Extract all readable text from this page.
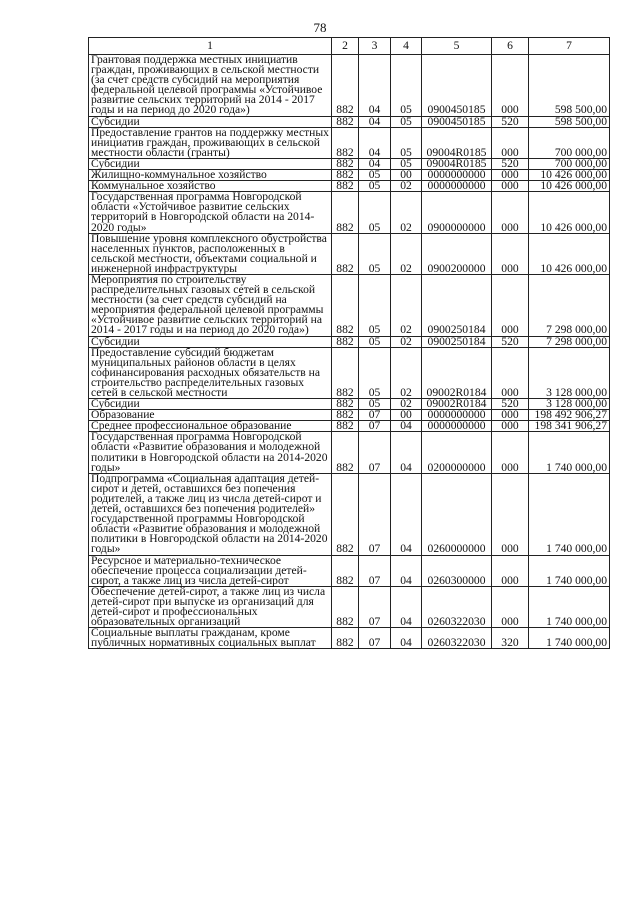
78
1	2	3	4	5	6	7
Грантовая поддержка местных инициатив граждан, проживающих в сельской местности (за счет средств субсидий на мероприятия федеральной целевой программы «Устойчивое развитие сельских территорий на 2014 - 2017 годы и на период до 2020 года»)	882	04	05	0900450185	000	598 500,00
Субсидии	882	04	05	0900450185	520	598 500,00
Предоставление грантов на поддержку местных инициатив граждан, проживающих в сельской местности области (гранты)	882	04	05	09004R0185	000	700 000,00
Субсидии	882	04	05	09004R0185	520	700 000,00
Жилищно-коммунальное хозяйство	882	05	00	0000000000	000	10 426 000,00
Коммунальное хозяйство	882	05	02	0000000000	000	10 426 000,00
Государственная программа Новгородской области «Устойчивое развитие сельских территорий в Новгородской области на 2014-2020 годы»	882	05	02	0900000000	000	10 426 000,00
Повышение уровня комплексного обустройства населенных пунктов, расположенных в сельской местности, объектами социальной и инженерной инфраструктуры	882	05	02	0900200000	000	10 426 000,00
Мероприятия по строительству распределительных газовых сетей в сельской местности (за счет средств субсидий на мероприятия федеральной целевой программы «Устойчивое развитие сельских территорий на 2014 - 2017 годы и на период до 2020 года»)	882	05	02	0900250184	000	7 298 000,00
Субсидии	882	05	02	0900250184	520	7 298 000,00
Предоставление субсидий бюджетам муниципальных районов области в целях софинансирования расходных обязательств на строительство распределительных газовых сетей в сельской местности	882	05	02	09002R0184	000	3 128 000,00
Субсидии	882	05	02	09002R0184	520	3 128 000,00
Образование	882	07	00	0000000000	000	198 492 906,27
Среднее профессиональное образование	882	07	04	0000000000	000	198 341 906,27
Государственная программа Новгородской области «Развитие образования и молодежной политики в Новгородской области на 2014-2020 годы»	882	07	04	0200000000	000	1 740 000,00
Подпрограмма «Социальная адаптация детей-сирот и детей, оставшихся без попечения родителей, а также лиц из числа детей-сирот и детей, оставшихся без попечения родителей» государственной программы Новгородской области «Развитие образования и молодежной политики в Новгородской области на 2014-2020 годы»	882	07	04	0260000000	000	1 740 000,00
Ресурсное и материально-техническое обеспечение процесса социализации детей-сирот, а также лиц из числа детей-сирот	882	07	04	0260300000	000	1 740 000,00
Обеспечение детей-сирот, а также лиц из числа детей-сирот при выпуске из организаций для детей-сирот и профессиональных образовательных организаций	882	07	04	0260322030	000	1 740 000,00
Социальные выплаты гражданам, кроме публичных нормативных социальных выплат	882	07	04	0260322030	320	1 740 000,00
